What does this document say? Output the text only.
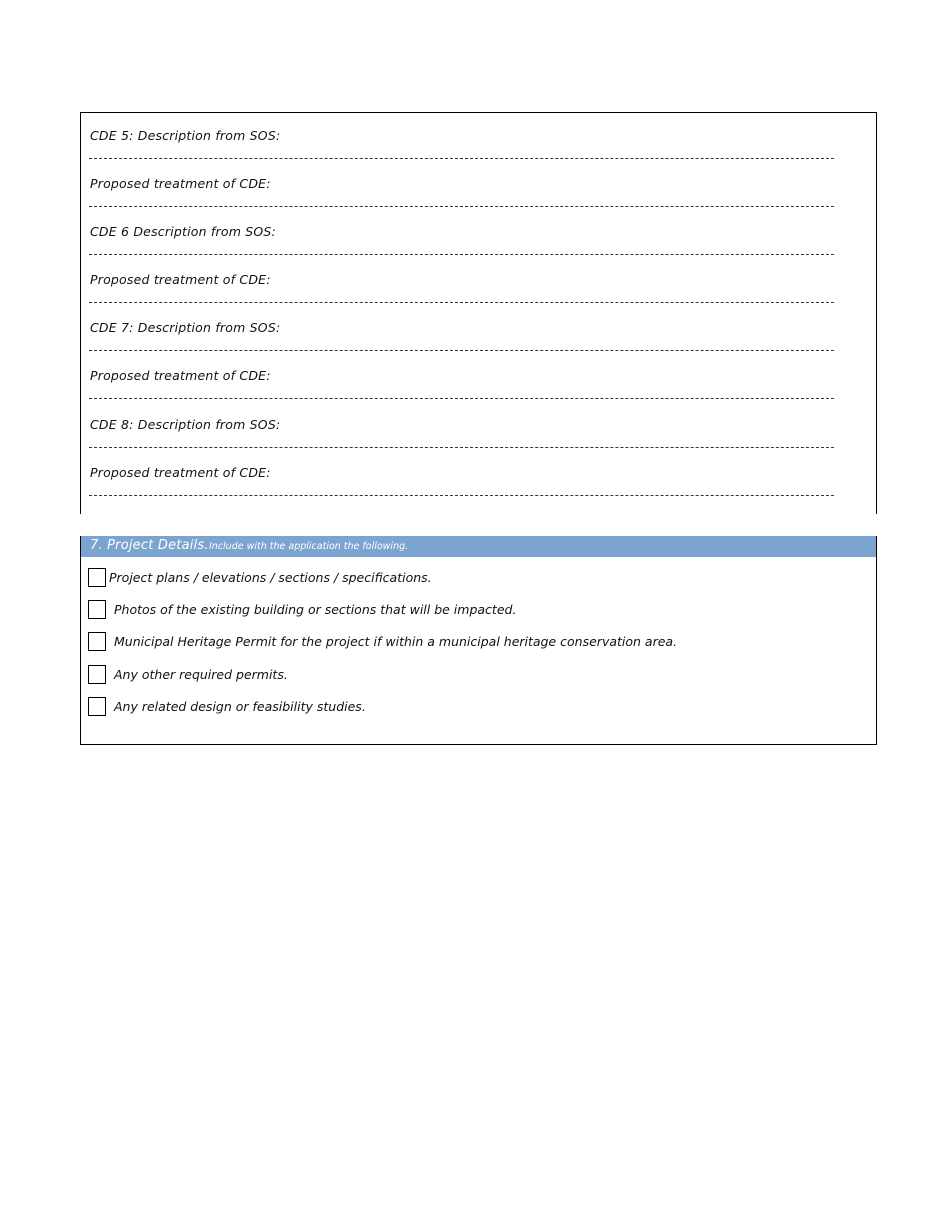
CDE 5: Description from SOS:
Proposed treatment of CDE:
CDE 6 Description from SOS:
Proposed treatment of CDE:
CDE 7: Description from SOS:
Proposed treatment of CDE:
CDE 8: Description from SOS:
Proposed treatment of CDE:
7. Project Details. Include with the application the following.
Project plans / elevations / sections / specifications.
Photos of the existing building or sections that will be impacted.
Municipal Heritage Permit for the project if within a municipal heritage conservation area.
Any other required permits.
Any related design or feasibility studies.
